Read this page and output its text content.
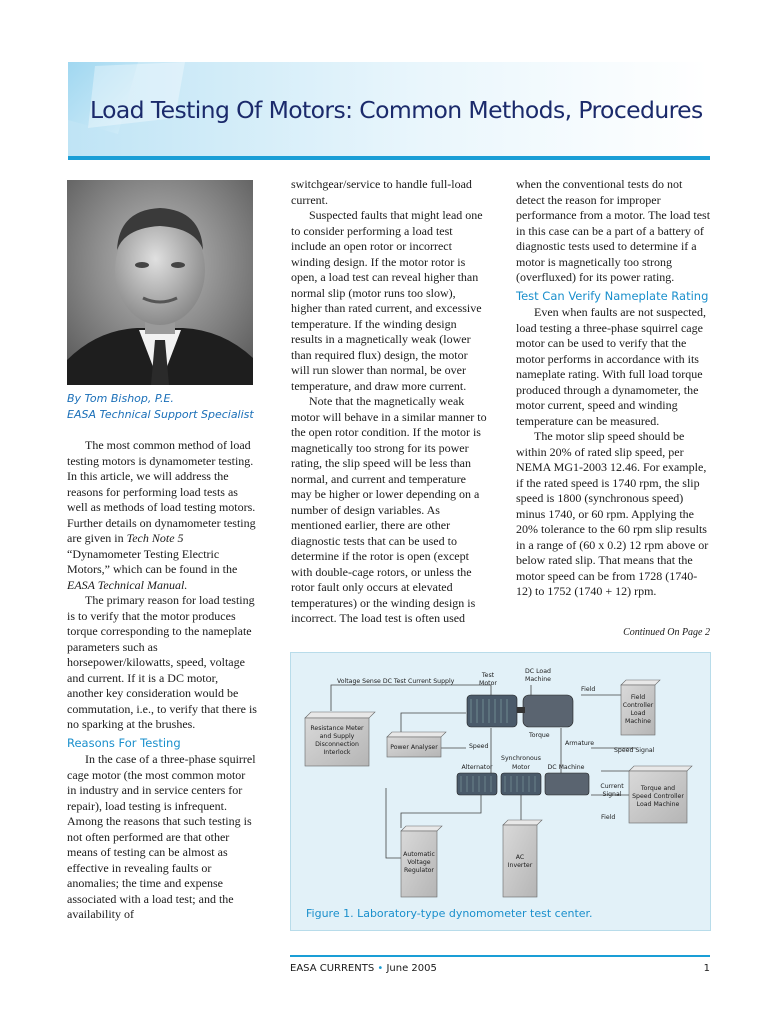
Load Testing Of Motors: Common Methods, Procedures
By Tom Bishop, P.E.
EASA Technical Support Specialist

The most common method of load testing motors is dynamometer testing. In this article, we will address the reasons for performing load tests as well as methods of load testing motors. Further details on dynamometer testing are given in Tech Note 5 “Dynamometer Testing Electric Motors,” which can be found in the EASA Technical Manual.

The primary reason for load testing is to verify that the motor produces torque corresponding to the nameplate parameters such as horsepower/kilowatts, speed, voltage and current. If it is a DC motor, another key consideration would be commutation, i.e., to verify that there is no sparking at the brushes.

Reasons For Testing

In the case of a three-phase squirrel cage motor (the most common motor in industry and in service centers for repair), load testing is infrequent. Among the reasons that such testing is not often performed are that other means of testing can be almost as effective in revealing faults or anomalies; the time and expense associated with a load test; and the availability of

switchgear/service to handle full-load current.

Suspected faults that might lead one to consider performing a load test include an open rotor or incorrect winding design. If the motor rotor is open, a load test can reveal higher than normal slip (motor runs too slow), higher than rated current, and excessive temperature. If the winding design results in a magnetically weak (lower than required flux) design, the motor will run slower than normal, be over temperature, and draw more current.

Note that the magnetically weak motor will behave in a similar manner to the open rotor condition. If the motor is magnetically too strong for its power rating, the slip speed will be less than normal, and current and temperature may be higher or lower depending on a number of design variables. As mentioned earlier, there are other diagnostic tests that can be used to determine if the rotor is open (except with double-cage rotors, or unless the rotor fault only occurs at elevated temperatures) or the winding design is incorrect. The load test is often used

when the conventional tests do not detect the reason for improper performance from a motor. The load test in this case can be a part of a battery of diagnostic tests used to determine if a motor is magnetically too strong (overfluxed) for its power rating.

Test Can Verify Nameplate Rating

Even when faults are not suspected, load testing a three-phase squirrel cage motor can be used to verify that the motor performs in accordance with its nameplate rating. With full load torque produced through a dynamometer, the motor current, speed and winding temperature can be measured.

The motor slip speed should be within 20% of rated slip speed, per NEMA MG1-2003 12.46. For example, if the rated speed is 1740 rpm, the slip speed is 1800 (synchronous speed) minus 1740, or 60 rpm. Applying the 20% tolerance to the 60 rpm slip results in a range of (60 x 0.2) 12 rpm above or below rated slip. That means that the motor speed can be from 1728 (1740-12) to 1752 (1740 + 12) rpm.

Continued On Page 2
Resistance Meter
and Supply
Disconnection
Interlock
Power Analyser
Test
Motor
DC Load
Machine
Voltage Sense DC Test Current Supply
Field
Torque
Armature
Speed
Speed Signal
Synchronous
Alternator	Motor	DC Machine
Current
Signal
Field
Field
Controller
Load
Machine
Torque and
Speed Controller
Load Machine
Automatic
Voltage
Regulator
AC
Inverter
Figure 1. Laboratory-type dynomometer test center.
EASA CURRENTS • June 2005	1
